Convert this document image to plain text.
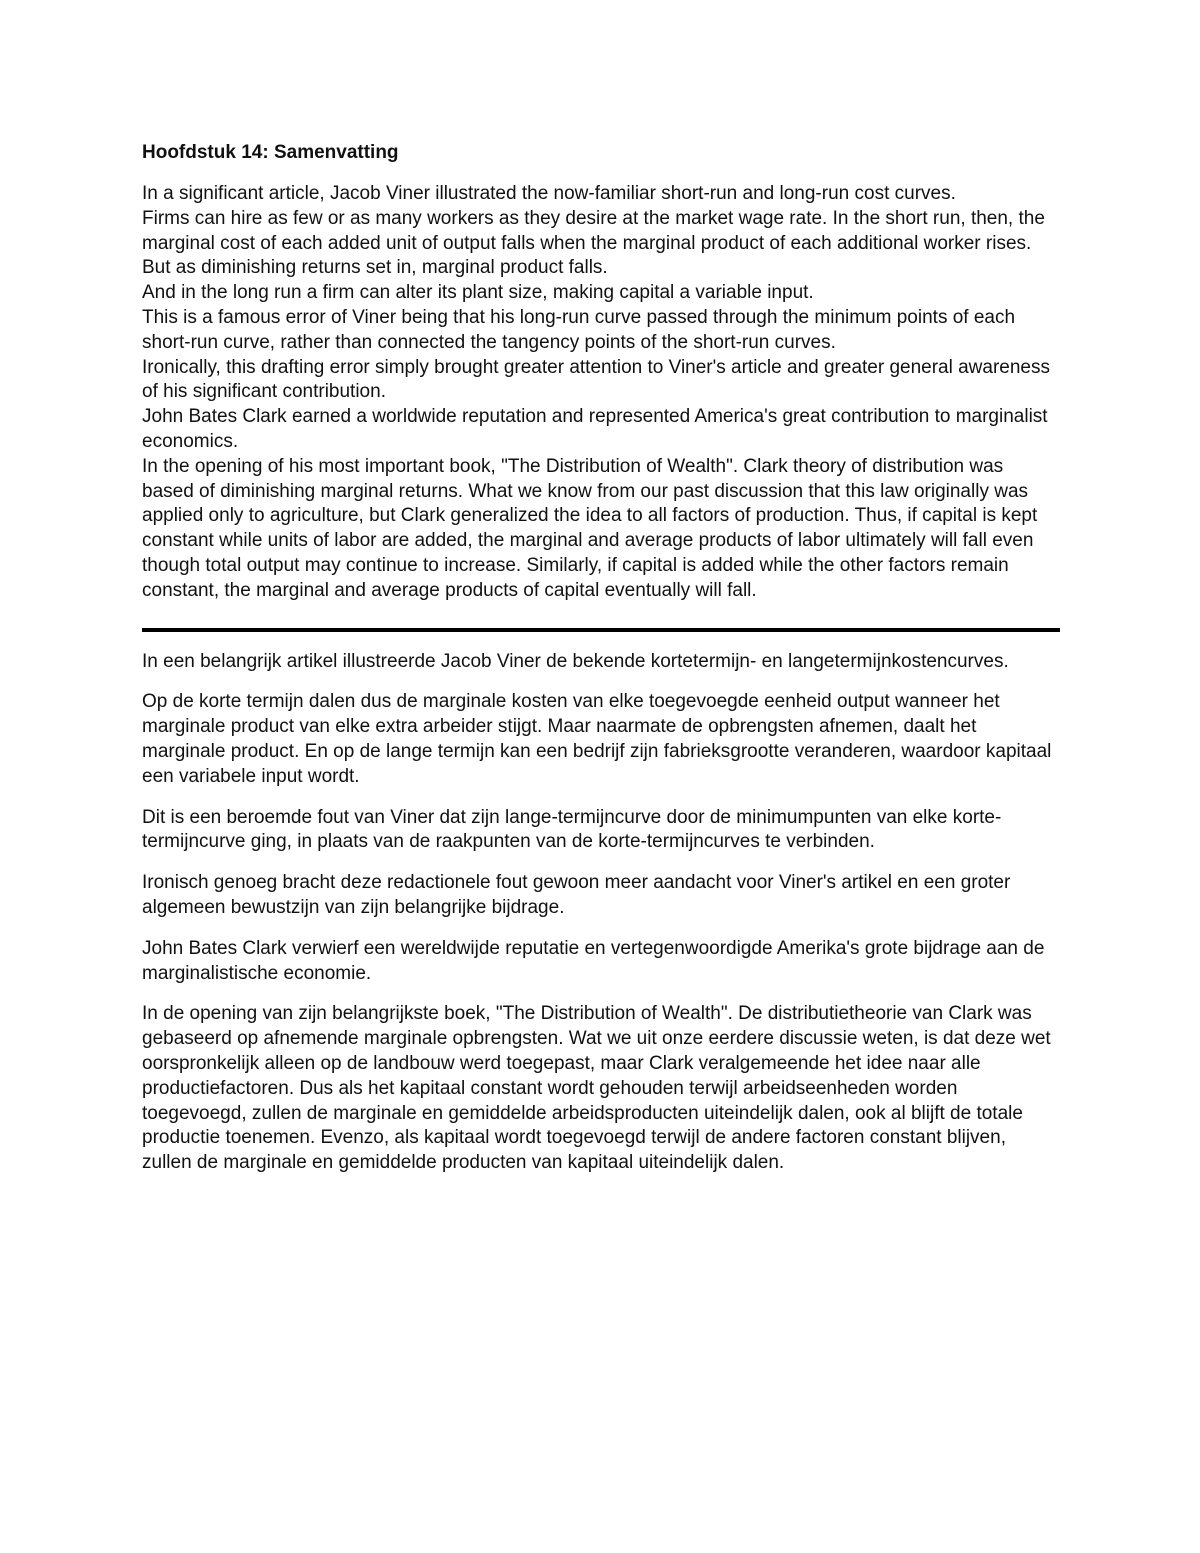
Hoofdstuk 14: Samenvatting

In a significant article, Jacob Viner illustrated the now-familiar short-run and long-run cost curves.

Firms can hire as few or as many workers as they desire at the market wage rate. In the short run, then, the marginal cost of each added unit of output falls when the marginal product of each additional worker rises. But as diminishing returns set in, marginal product falls.

And in the long run a firm can alter its plant size, making capital a variable input.

This is a famous error of Viner being that his long-run curve passed through the minimum points of each short-run curve, rather than connected the tangency points of the short-run curves.

Ironically, this drafting error simply brought greater attention to Viner's article and greater general awareness of his significant contribution.

John Bates Clark earned a worldwide reputation and represented America's great contribution to marginalist economics.

In the opening of his most important book, "The Distribution of Wealth". Clark theory of distribution was based of diminishing marginal returns. What we know from our past discussion that this law originally was applied only to agriculture, but Clark generalized the idea to all factors of production. Thus, if capital is kept constant while units of labor are added, the marginal and average products of labor ultimately will fall even though total output may continue to increase. Similarly, if capital is added while the other factors remain constant, the marginal and average products of capital eventually will fall.

In een belangrijk artikel illustreerde Jacob Viner de bekende kortetermijn- en langetermijnkostencurves.

Op de korte termijn dalen dus de marginale kosten van elke toegevoegde eenheid output wanneer het marginale product van elke extra arbeider stijgt. Maar naarmate de opbrengsten afnemen, daalt het marginale product. En op de lange termijn kan een bedrijf zijn fabrieksgrootte veranderen, waardoor kapitaal een variabele input wordt.

Dit is een beroemde fout van Viner dat zijn lange-termijncurve door de minimumpunten van elke korte-termijncurve ging, in plaats van de raakpunten van de korte-termijncurves te verbinden.

Ironisch genoeg bracht deze redactionele fout gewoon meer aandacht voor Viner's artikel en een groter algemeen bewustzijn van zijn belangrijke bijdrage.

John Bates Clark verwierf een wereldwijde reputatie en vertegenwoordigde Amerika's grote bijdrage aan de marginalistische economie.

In de opening van zijn belangrijkste boek, "The Distribution of Wealth". De distributietheorie van Clark was gebaseerd op afnemende marginale opbrengsten. Wat we uit onze eerdere discussie weten, is dat deze wet oorspronkelijk alleen op de landbouw werd toegepast, maar Clark veralgemeende het idee naar alle productiefactoren. Dus als het kapitaal constant wordt gehouden terwijl arbeidseenheden worden toegevoegd, zullen de marginale en gemiddelde arbeidsproducten uiteindelijk dalen, ook al blijft de totale productie toenemen. Evenzo, als kapitaal wordt toegevoegd terwijl de andere factoren constant blijven, zullen de marginale en gemiddelde producten van kapitaal uiteindelijk dalen.
